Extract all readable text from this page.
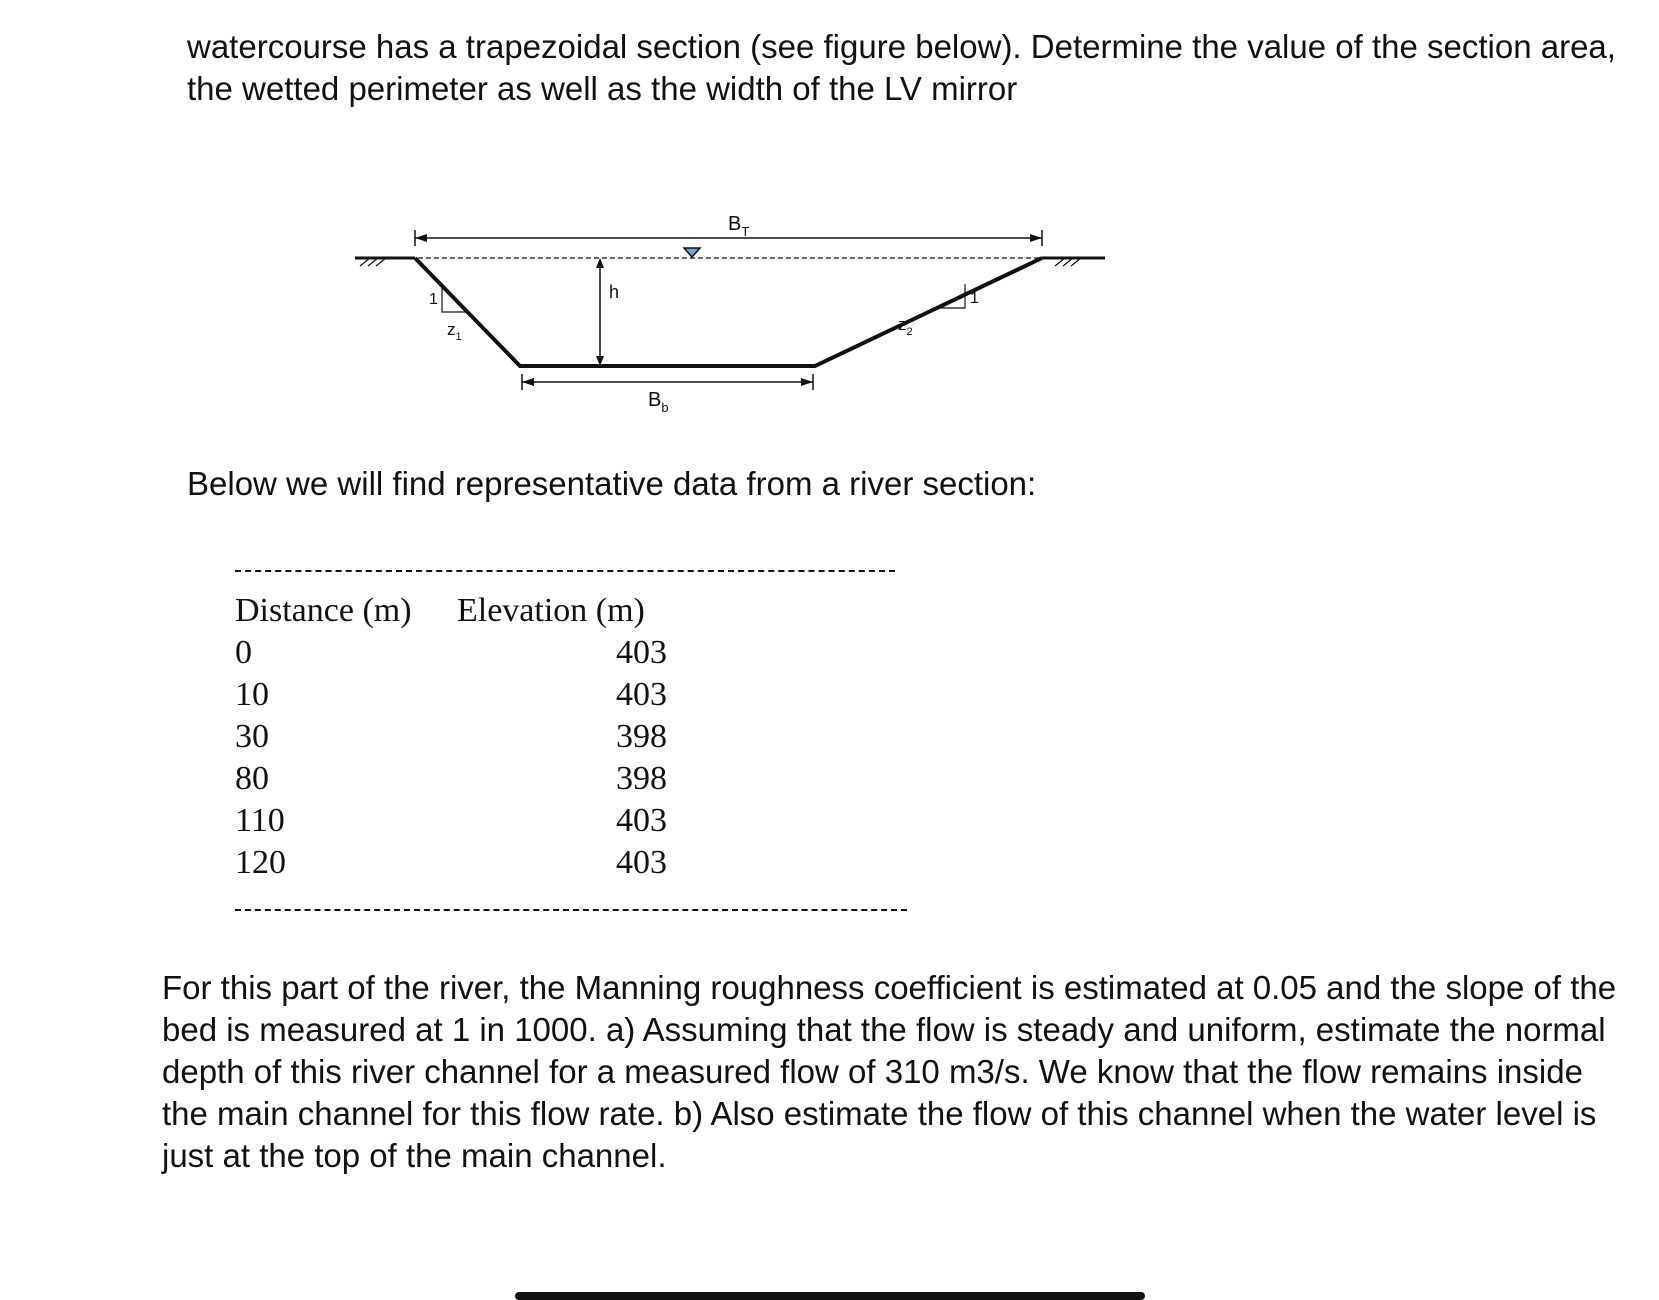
watercourse has a trapezoidal section (see figure below). Determine the value of the section area, the wetted perimeter as well as the width of the LV mirror

$B_T$
h
1
$z_1$
1
$z_2$
$B_b$

Below we will find representative data from a river section:

Distance (m)	Elevation (m)
0	403
10	403
30	398
80	398
110	403
120	403

For this part of the river, the Manning roughness coefficient is estimated at 0.05 and the slope of the bed is measured at 1 in 1000. a) Assuming that the flow is steady and uniform, estimate the normal depth of this river channel for a measured flow of 310 m3/s. We know that the flow remains inside the main channel for this flow rate. b) Also estimate the flow of this channel when the water level is just at the top of the main channel.
